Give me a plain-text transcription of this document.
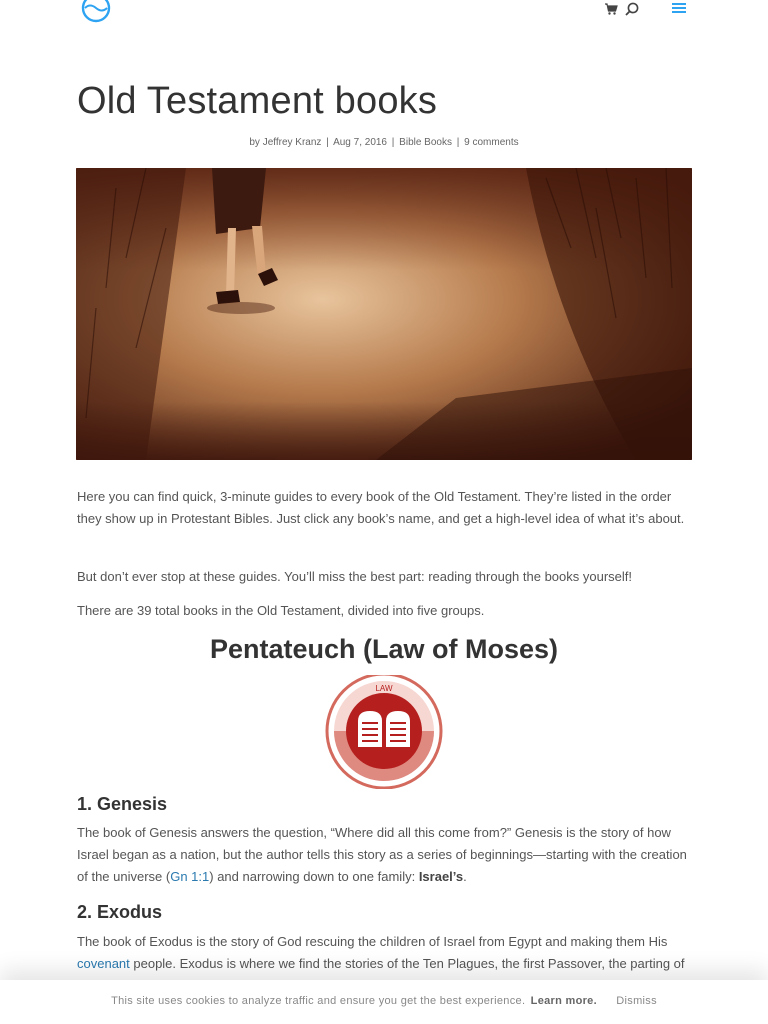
Old Testament books
by Jeffrey Kranz | Aug 7, 2016 | Bible Books | 9 comments

Here you can find quick, 3-minute guides to every book of the Old Testament. They’re listed in the order they show up in Protestant Bibles. Just click any book’s name, and get a high-level idea of what it’s about.

But don’t ever stop at these guides. You’ll miss the best part: reading through the books yourself!

There are 39 total books in the Old Testament, divided into five groups.

Pentateuch (Law of Moses)
LAW
1. Genesis

The book of Genesis answers the question, “Where did all this come from?” Genesis is the story of how Israel began as a nation, but the author tells this story as a series of beginnings—starting with the creation of the universe (Gn 1:1) and narrowing down to one family: Israel’s.

2. Exodus

The book of Exodus is the story of God rescuing the children of Israel from Egypt and making them His covenant people. Exodus is where we find the stories of the Ten Plagues, the first Passover, the parting of

This site uses cookies to analyze traffic and ensure you get the best experience. Learn more. Dismiss
